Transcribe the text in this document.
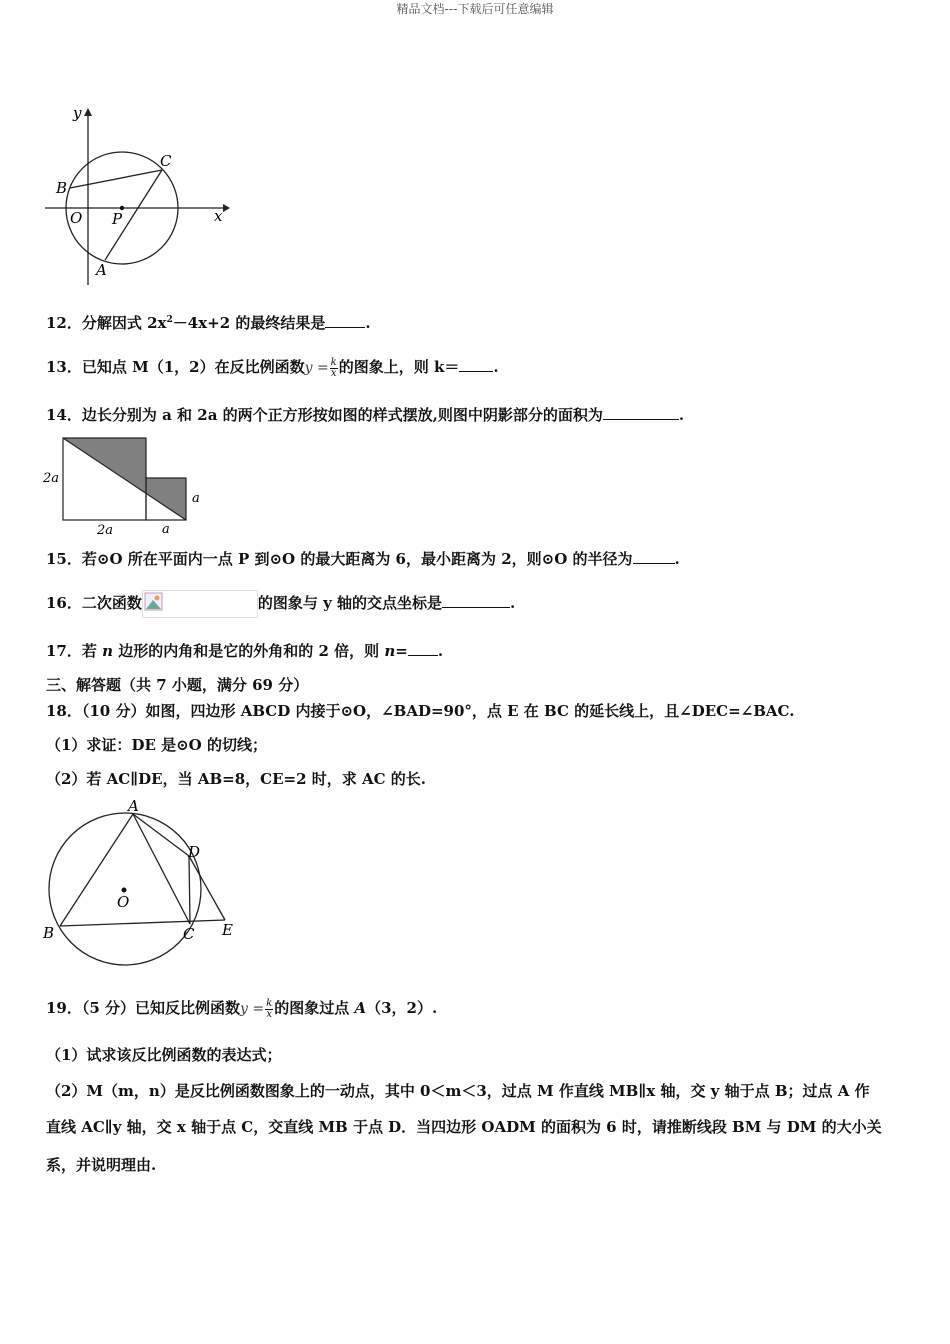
精品文档---下载后可任意编辑
y
x
B
C
O P
A
12．分解因式 $2x^2-4x+2$ 的最终结果是	.
13．已知点 M（1，2）在反比例函数$y = \frac{k}{x}$ 的图象上，则 k＝ .
14．边长分别为 a 和 2a 的两个正方形按如图的样式摆放,则图中阴影部分的面积为	.
2a
2a
a
a
15．若⊙O 所在平面内一点 P 到⊙O 的最大距离为 6，最小距离为 2，则⊙O 的半径为	.
16．二次函数	的图象与 y 轴的交点坐标是	.
17．若 n 边形的内角和是它的外角和的 2 倍，则 n= .
三、解答题（共 7 小题，满分 69 分）
18．（10 分）如图，四边形 ABCD 内接于⊙O，∠BAD=90°，点 E 在 BC 的延长线上，且∠DEC=∠BAC.
（1）求证：DE 是⊙O 的切线；
（2）若 AC∥DE，当 AB=8，CE=2 时，求 AC 的长.
A
B	C
D
E
O
19．（5 分）已知反比例函数$y = \frac{k}{x}$ 的图象过点 A（3，2）.
（1）试求该反比例函数的表达式；
（2）M（m，n）是反比例函数图象上的一动点，其中 0＜m＜3，过点 M 作直线 MB∥x 轴，交 y 轴于点 B；过点 A 作
直线 AC∥y 轴，交 x 轴于点 C，交直线 MB 于点 D．当四边形 OADM 的面积为 6 时，请推断线段 BM 与 DM 的大小关
系，并说明理由.
